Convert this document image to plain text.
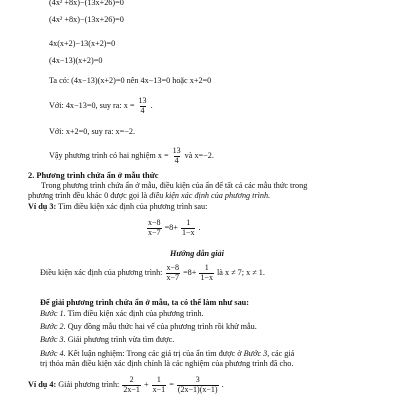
(4x² +8x)−(13x+26)=0
(4x² +8x)−(13x+26)=0
4x(x+2)−13(x+2)=0
(4x−13)(x+2)=0
Ta có: (4x−13)(x+2)=0 nên 4x−13=0 hoặc x+2=0
Với: 4x−13=0, suy ra: $x = \frac{13}{4}$ .
Với: x+2=0, suy ra: x=−2.
Vậy phương trình có hai nghiệm $x = \frac{13}{4}$ và x=−2.
2. Phương trình chứa ẩn ở mẫu thức
Trong phương trình chứa ẩn ở mẫu, điều kiện của ẩn để tất cả các mẫu thức trong
phương trình đều khác 0 được gọi là điều kiện xác định của phương trình.
Ví dụ 3: Tìm điều kiện xác định của phương trình sau:
$\frac{x-8}{x-7} =8+ \frac{1}{1-x}$ .
Hướng dẫn giải
Điều kiện xác định của phương trình: $\frac{x-8}{x-7} =8+ \frac{1}{1-x}$ là x ≠ 7; x ≠ 1.
Để giải phương trình chứa ẩn ở mẫu, ta có thể làm như sau:
Bước 1. Tìm điều kiện xác định của phương trình.
Bước 2. Quy đồng mẫu thức hai vế của phương trình rồi khử mẫu.
Bước 3. Giải phương trình vừa tìm được.
Bước 4. Kết luận nghiệm: Trong các giá trị của ẩn tìm được ở Bước 3, các giá
trị thỏa mãn điều kiện xác định chính là các nghiệm của phương trình đã cho.
Ví dụ 4: Giải phương trình: $\frac{2}{2x-1} + \frac{1}{x-1} = \frac{3}{(2x-1)(x-1)}$ .
